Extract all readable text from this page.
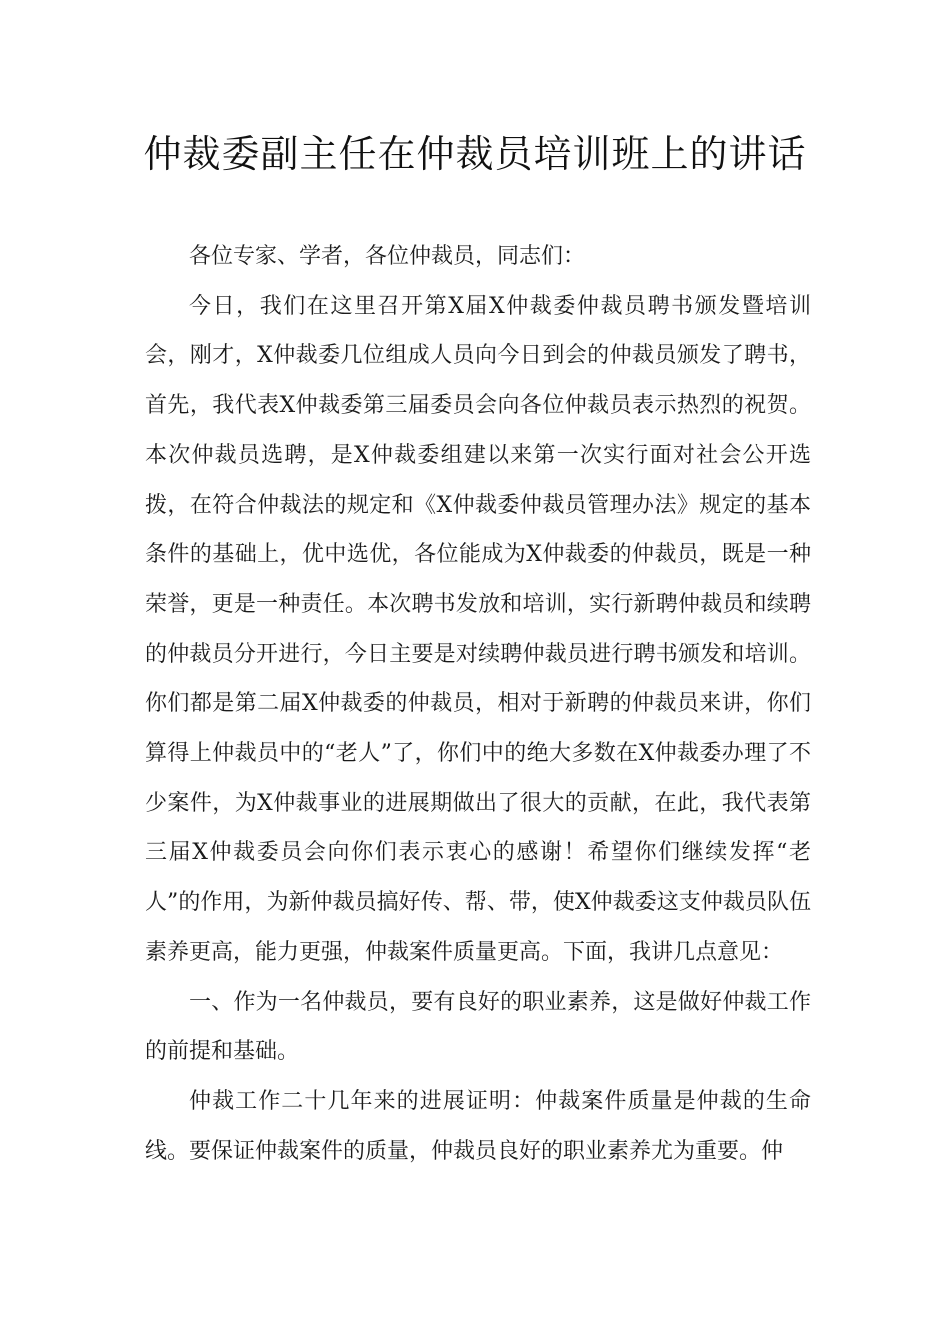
仲裁委副主任在仲裁员培训班上的讲话

各位专家、学者，各位仲裁员，同志们：

今日，我们在这里召开第X届X仲裁委仲裁员聘书颁发暨培训会，刚才，X仲裁委几位组成人员向今日到会的仲裁员颁发了聘书，首先，我代表X仲裁委第三届委员会向各位仲裁员表示热烈的祝贺。本次仲裁员选聘，是X仲裁委组建以来第一次实行面对社会公开选拨，在符合仲裁法的规定和《X仲裁委仲裁员管理办法》规定的基本条件的基础上，优中选优，各位能成为X仲裁委的仲裁员，既是一种荣誉，更是一种责任。本次聘书发放和培训，实行新聘仲裁员和续聘的仲裁员分开进行，今日主要是对续聘仲裁员进行聘书颁发和培训。你们都是第二届X仲裁委的仲裁员，相对于新聘的仲裁员来讲，你们算得上仲裁员中的“老人”了，你们中的绝大多数在X仲裁委办理了不少案件，为X仲裁事业的进展期做出了很大的贡献，在此，我代表第三届X仲裁委员会向你们表示衷心的感谢！希望你们继续发挥“老人”的作用，为新仲裁员搞好传、帮、带，使X仲裁委这支仲裁员队伍素养更高，能力更强，仲裁案件质量更高。下面，我讲几点意见：

一、作为一名仲裁员，要有良好的职业素养，这是做好仲裁工作的前提和基础。

仲裁工作二十几年来的进展证明：仲裁案件质量是仲裁的生命线。要保证仲裁案件的质量，仲裁员良好的职业素养尤为重要。仲
